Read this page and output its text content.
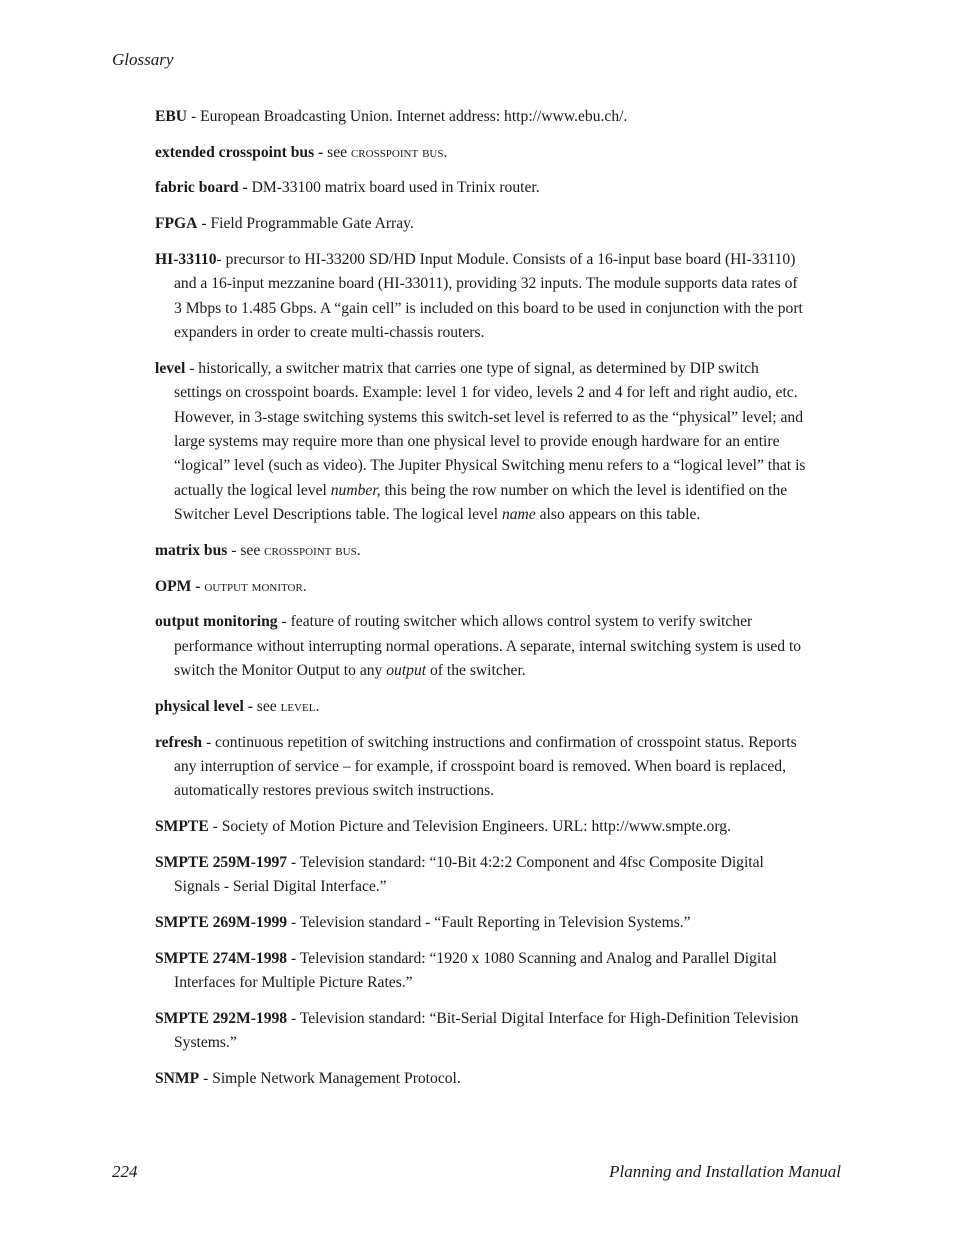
Glossary

EBU - European Broadcasting Union. Internet address: http://www.ebu.ch/.

extended crosspoint bus - see crosspoint bus.

fabric board - DM-33100 matrix board used in Trinix router.

FPGA - Field Programmable Gate Array.

HI-33110- precursor to HI-33200 SD/HD Input Module. Consists of a 16-input base board (HI-33110) and a 16-input mezzanine board (HI-33011), providing 32 inputs. The module supports data rates of 3 Mbps to 1.485 Gbps. A “gain cell” is included on this board to be used in conjunction with the port expanders in order to create multi-chassis routers.

level - historically, a switcher matrix that carries one type of signal, as determined by DIP switch settings on crosspoint boards. Example: level 1 for video, levels 2 and 4 for left and right audio, etc. However, in 3-stage switching systems this switch-set level is referred to as the “physical” level; and large systems may require more than one physical level to provide enough hardware for an entire “logical” level (such as video). The Jupiter Physical Switching menu refers to a “logical level” that is actually the logical level number, this being the row number on which the level is identified on the Switcher Level Descriptions table. The logical level name also appears on this table.

matrix bus - see crosspoint bus.

OPM - output monitor.

output monitoring - feature of routing switcher which allows control system to verify switcher performance without interrupting normal operations. A separate, internal switching system is used to switch the Monitor Output to any output of the switcher.

physical level - see level.

refresh - continuous repetition of switching instructions and confirmation of crosspoint status. Reports any interruption of service – for example, if crosspoint board is removed. When board is replaced, automatically restores previous switch instructions.

SMPTE - Society of Motion Picture and Television Engineers. URL: http://www.smpte.org.

SMPTE 259M-1997 - Television standard: “10-Bit 4:2:2 Component and 4fsc Composite Digital Signals - Serial Digital Interface.”

SMPTE 269M-1999 - Television standard - “Fault Reporting in Television Systems.”

SMPTE 274M-1998 - Television standard: “1920 x 1080 Scanning and Analog and Parallel Digital Interfaces for Multiple Picture Rates.”

SMPTE 292M-1998 - Television standard: “Bit-Serial Digital Interface for High-Definition Television Systems.”

SNMP - Simple Network Management Protocol.

224	Planning and Installation Manual
